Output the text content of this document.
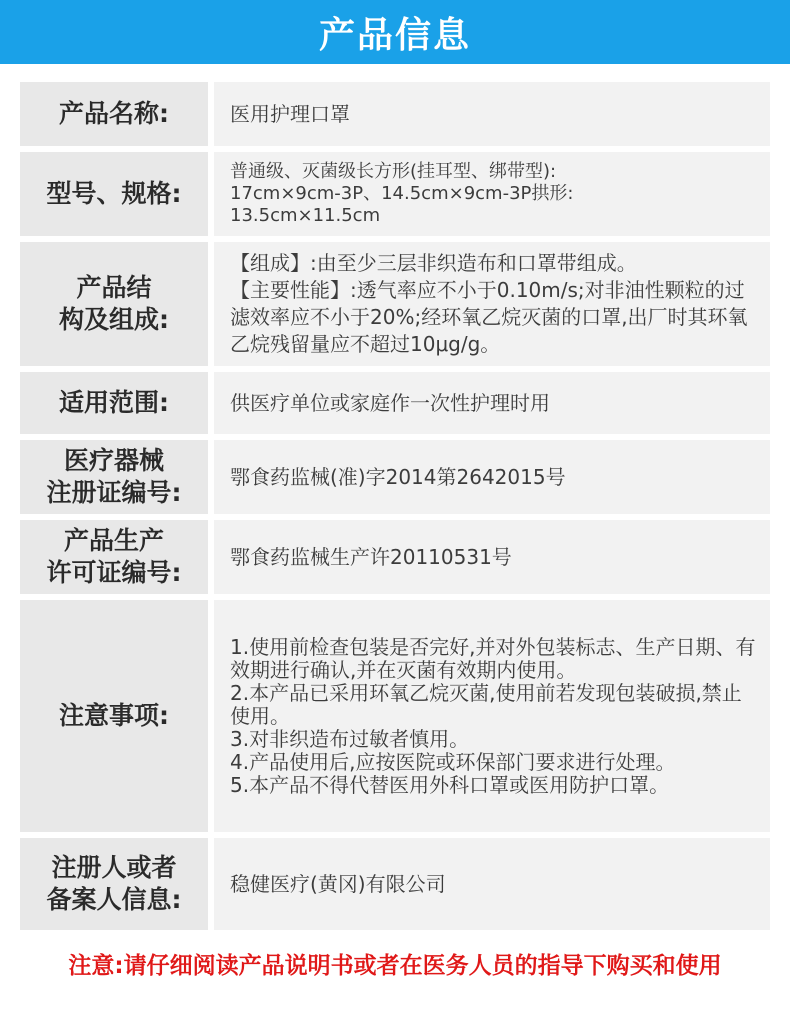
产品信息
产品名称:	医用护理口罩
型号、规格:
普通级、灭菌级长方形(挂耳型、绑带型):
17cm×9cm-3P、14.5cm×9cm-3P拱形:
13.5cm×11.5cm
产品结
构及组成:
【组成】:由至少三层非织造布和口罩带组成。
【主要性能】:透气率应不小于0.10m/s;对非油性颗粒的过滤效率应不小于20%;经环氧乙烷灭菌的口罩,出厂时其环氧乙烷残留量应不超过10μg/g。
适用范围:	供医疗单位或家庭作一次性护理时用
医疗器械
注册证编号:
鄂食药监械(准)字2014第2642015号
产品生产
许可证编号:
鄂食药监械生产许20110531号
注意事项:
1.使用前检查包装是否完好,并对外包装标志、生产日期、有效期进行确认,并在灭菌有效期内使用。
2.本产品已采用环氧乙烷灭菌,使用前若发现包装破损,禁止使用。
3.对非织造布过敏者慎用。
4.产品使用后,应按医院或环保部门要求进行处理。
5.本产品不得代替医用外科口罩或医用防护口罩。
注册人或者
备案人信息:
稳健医疗(黄冈)有限公司
注意:请仔细阅读产品说明书或者在医务人员的指导下购买和使用
